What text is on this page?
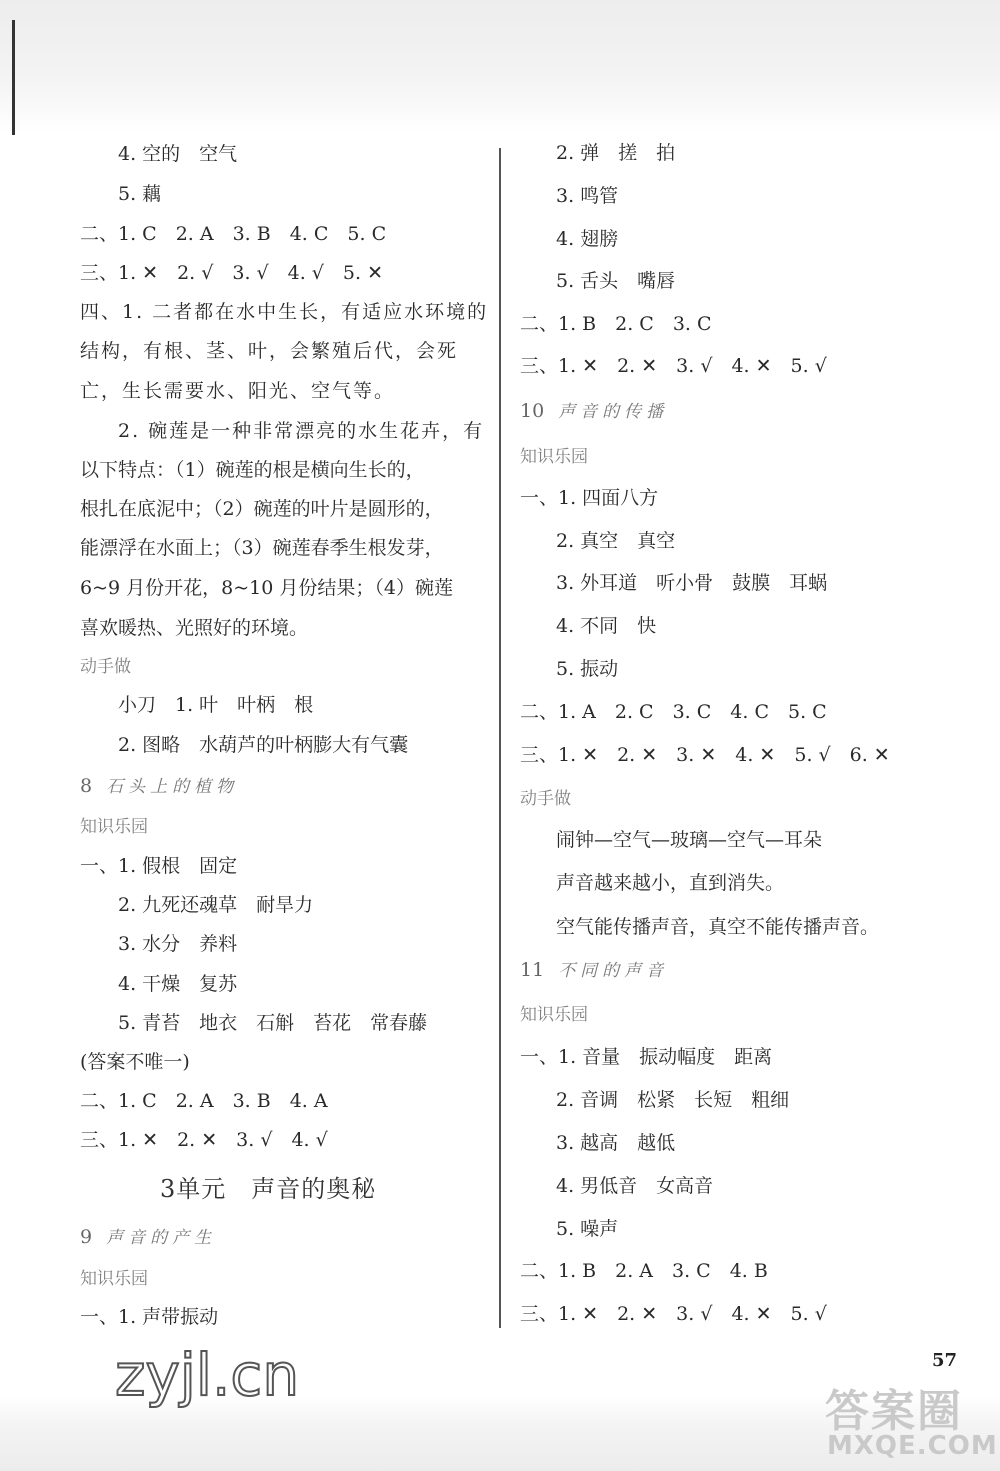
4. 空的　空气
5. 藕
二、1. C　2. A　3. B　4. C　5. C
三、1. ✕　2. √　3. √　4. √　5. ✕
四、1. 二者都在水中生长，有适应水环境的
结构，有根、茎、叶，会繁殖后代，会死
亡，生长需要水、阳光、空气等。
2. 碗莲是一种非常漂亮的水生花卉，有
以下特点：（1）碗莲的根是横向生长的，
根扎在底泥中；（2）碗莲的叶片是圆形的，
能漂浮在水面上；（3）碗莲春季生根发芽，
6~9 月份开花，8~10 月份结果；（4）碗莲
喜欢暖热、光照好的环境。
动手做
小刀　1. 叶　叶柄　根
2. 图略　水葫芦的叶柄膨大有气囊
8 石头上的植物
知识乐园
一、1. 假根　固定
2. 九死还魂草　耐旱力
3. 水分　养料
4. 干燥　复苏
5. 青苔　地衣　石斛　苔花　常春藤
(答案不唯一)
二、1. C　2. A　3. B　4. A
三、1. ✕　2. ✕　3. √　4. √
3单元　声音的奥秘
9 声音的产生
知识乐园
一、1. 声带振动
2. 弹　搓　拍
3. 鸣管
4. 翅膀
5. 舌头　嘴唇
二、1. B　2. C　3. C
三、1. ✕　2. ✕　3. √　4. ✕　5. √
10 声音的传播
知识乐园
一、1. 四面八方
2. 真空　真空
3. 外耳道　听小骨　鼓膜　耳蜗
4. 不同　快
5. 振动
二、1. A　2. C　3. C　4. C　5. C
三、1. ✕　2. ✕　3. ✕　4. ✕　5. √　6. ✕
动手做
闹钟—空气—玻璃—空气—耳朵
声音越来越小，直到消失。
空气能传播声音，真空不能传播声音。
11 不同的声音
知识乐园
一、1. 音量　振动幅度　距离
2. 音调　松紧　长短　粗细
3. 越高　越低
4. 男低音　女高音
5. 噪声
二、1. B　2. A　3. C　4. B
三、1. ✕　2. ✕　3. √　4. ✕　5. √
zyjl.cn	57
答案圈
MXQE.COM
